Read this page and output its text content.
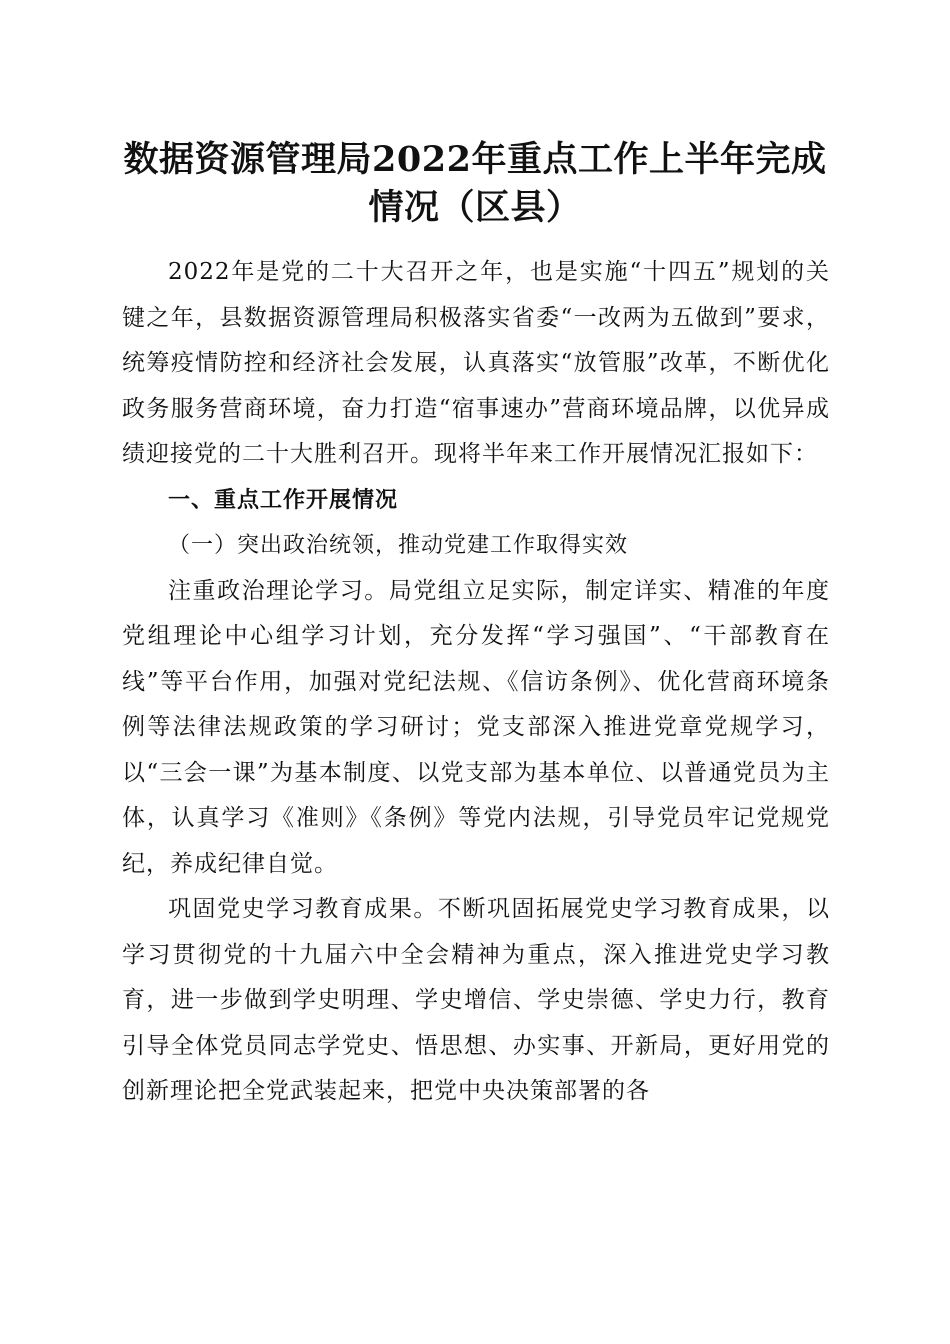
数据资源管理局2022年重点工作上半年完成
情况（区县）

2022年是党的二十大召开之年，也是实施“十四五”规划的关键之年，县数据资源管理局积极落实省委“一改两为五做到”要求，统筹疫情防控和经济社会发展，认真落实“放管服”改革，不断优化政务服务营商环境，奋力打造“宿事速办”营商环境品牌，以优异成绩迎接党的二十大胜利召开。现将半年来工作开展情况汇报如下：

一、重点工作开展情况

（一）突出政治统领，推动党建工作取得实效

注重政治理论学习。局党组立足实际，制定详实、精准的年度党组理论中心组学习计划，充分发挥“学习强国”、“干部教育在线”等平台作用，加强对党纪法规、《信访条例》、优化营商环境条例等法律法规政策的学习研讨；党支部深入推进党章党规学习，以“三会一课”为基本制度、以党支部为基本单位、以普通党员为主体，认真学习《准则》《条例》等党内法规，引导党员牢记党规党纪，养成纪律自觉。

巩固党史学习教育成果。不断巩固拓展党史学习教育成果，以学习贯彻党的十九届六中全会精神为重点，深入推进党史学习教育，进一步做到学史明理、学史增信、学史崇德、学史力行，教育引导全体党员同志学党史、悟思想、办实事、开新局，更好用党的创新理论把全党武装起来，把党中央决策部署的各
